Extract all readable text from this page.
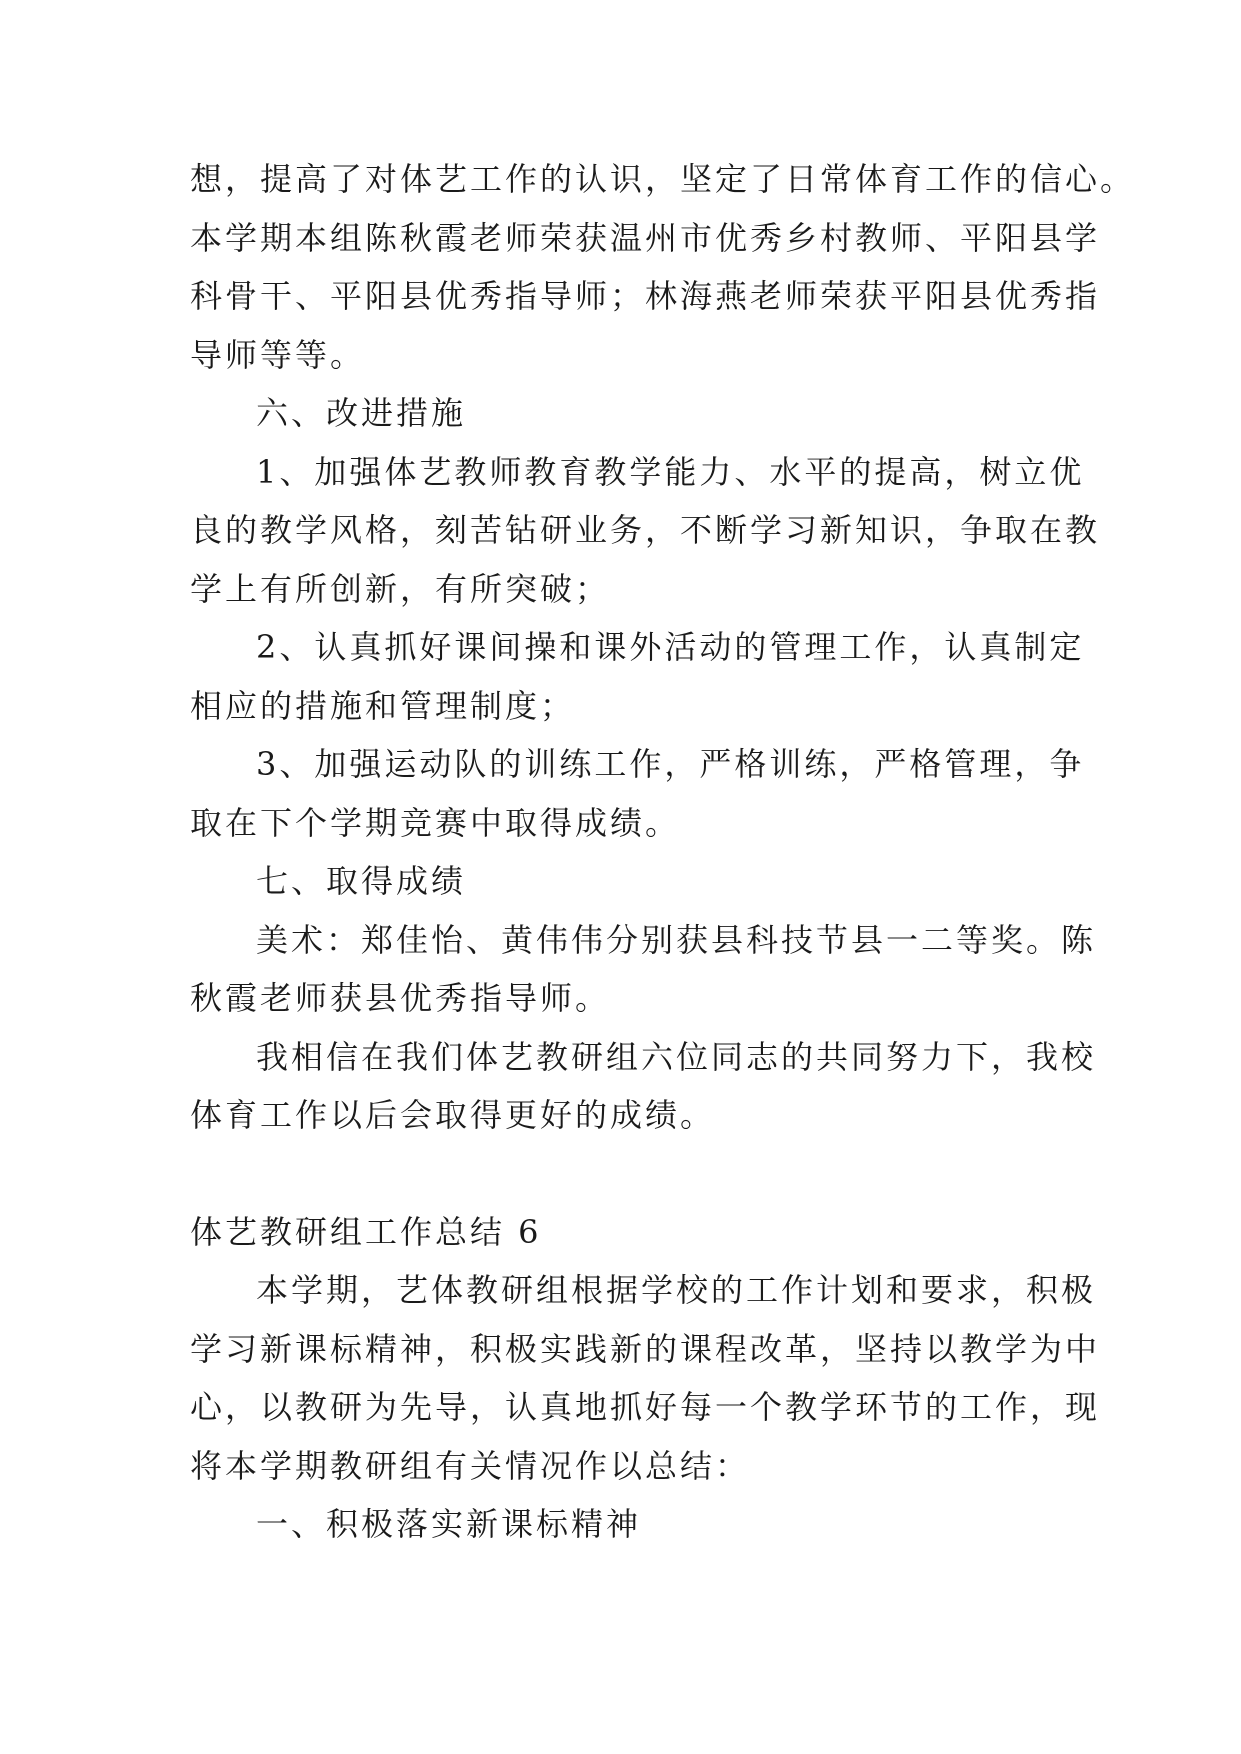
想，提高了对体艺工作的认识，坚定了日常体育工作的信心。
本学期本组陈秋霞老师荣获温州市优秀乡村教师、平阳县学
科骨干、平阳县优秀指导师；林海燕老师荣获平阳县优秀指
导师等等。
六、改进措施
1、加强体艺教师教育教学能力、水平的提高，树立优
良的教学风格，刻苦钻研业务，不断学习新知识，争取在教
学上有所创新，有所突破；
2、认真抓好课间操和课外活动的管理工作，认真制定
相应的措施和管理制度；
3、加强运动队的训练工作，严格训练，严格管理，争
取在下个学期竞赛中取得成绩。
七、取得成绩
美术：郑佳怡、黄伟伟分别获县科技节县一二等奖。陈
秋霞老师获县优秀指导师。
我相信在我们体艺教研组六位同志的共同努力下，我校
体育工作以后会取得更好的成绩。
体艺教研组工作总结 6
本学期，艺体教研组根据学校的工作计划和要求，积极
学习新课标精神，积极实践新的课程改革，坚持以教学为中
心，以教研为先导，认真地抓好每一个教学环节的工作，现
将本学期教研组有关情况作以总结：
一、积极落实新课标精神
